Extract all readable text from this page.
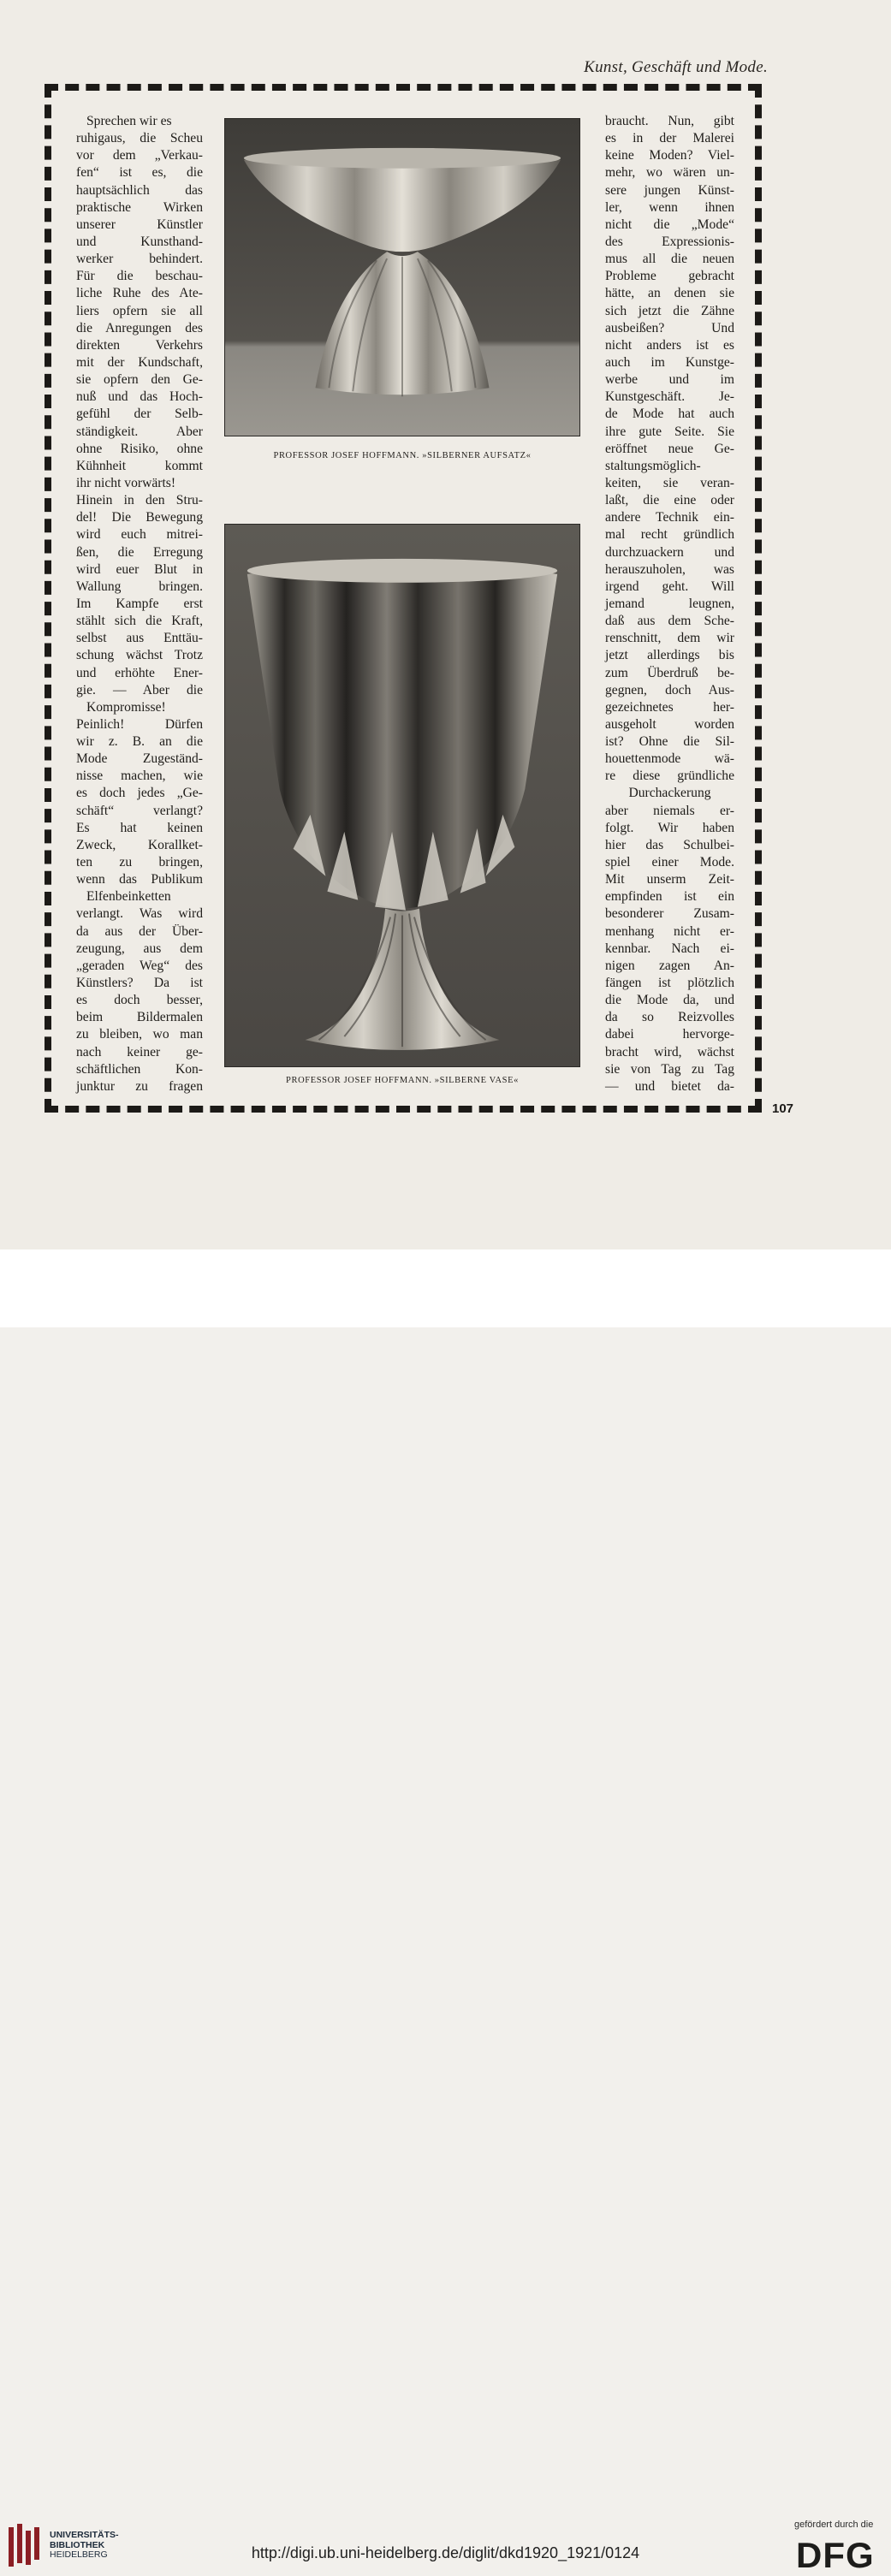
Kunst, Geschäft und Mode.
107
Sprechen wir es
ruhigaus, die Scheu
vor dem „Verkau-
fen“ ist es, die
hauptsächlich das
praktische Wirken
unserer Künstler
und Kunsthand-
werker behindert.
Für die beschau-
liche Ruhe des Ate-
liers opfern sie all
die Anregungen des
direkten Verkehrs
mit der Kundschaft,
sie opfern den Ge-
nuß und das Hoch-
gefühl der Selb-
ständigkeit. Aber
ohne Risiko, ohne
Kühnheit kommt
ihr nicht vorwärts!
Hinein in den Stru-
del! Die Bewegung
wird euch mitrei-
ßen, die Erregung
wird euer Blut in
Wallung bringen.
Im Kampfe erst
stählt sich die Kraft,
selbst aus Enttäu-
schung wächst Trotz
und erhöhte Ener-
gie. — Aber die
Kompromisse!
Peinlich! Dürfen
wir z. B. an die
Mode Zugeständ-
nisse machen, wie
es doch jedes „Ge-
schäft“ verlangt?
Es hat keinen
Zweck, Korallket-
ten zu bringen,
wenn das Publikum
Elfenbeinketten
verlangt. Was wird
da aus der Über-
zeugung, aus dem
„geraden Weg“ des
Künstlers? Da ist
es doch besser,
beim Bildermalen
zu bleiben, wo man
nach keiner ge-
schäftlichen Kon-
junktur zu fragen
braucht. Nun, gibt
es in der Malerei
keine Moden? Viel-
mehr, wo wären un-
sere jungen Künst-
ler, wenn ihnen
nicht die „Mode“
des Expressionis-
mus all die neuen
Probleme gebracht
hätte, an denen sie
sich jetzt die Zähne
ausbeißen? Und
nicht anders ist es
auch im Kunstge-
werbe und im
Kunstgeschäft. Je-
de Mode hat auch
ihre gute Seite. Sie
eröffnet neue Ge-
staltungsmöglich-
keiten, sie veran-
laßt, die eine oder
andere Technik ein-
mal recht gründlich
durchzuackern und
herauszuholen, was
irgend geht. Will
jemand leugnen,
daß aus dem Sche-
renschnitt, dem wir
jetzt allerdings bis
zum Überdruß be-
gegnen, doch Aus-
gezeichnetes her-
ausgeholt worden
ist? Ohne die Sil-
houettenmode wä-
re diese gründliche
Durchackerung
aber niemals er-
folgt. Wir haben
hier das Schulbei-
spiel einer Mode.
Mit unserm Zeit-
empfinden ist ein
besonderer Zusam-
menhang nicht er-
kennbar. Nach ei-
nigen zagen An-
fängen ist plötzlich
die Mode da, und
da so Reizvolles
dabei hervorge-
bracht wird, wächst
sie von Tag zu Tag
— und bietet da-
PROFESSOR JOSEF HOFFMANN. »SILBERNER AUFSATZ«
PROFESSOR JOSEF HOFFMANN. »SILBERNE VASE«
UNIVERSITÄTS-
BIBLIOTHEK
HEIDELBERG	http://digi.ub.uni-heidelberg.de/diglit/dkd1920_1921/0124
gefördert durch die
DFG
